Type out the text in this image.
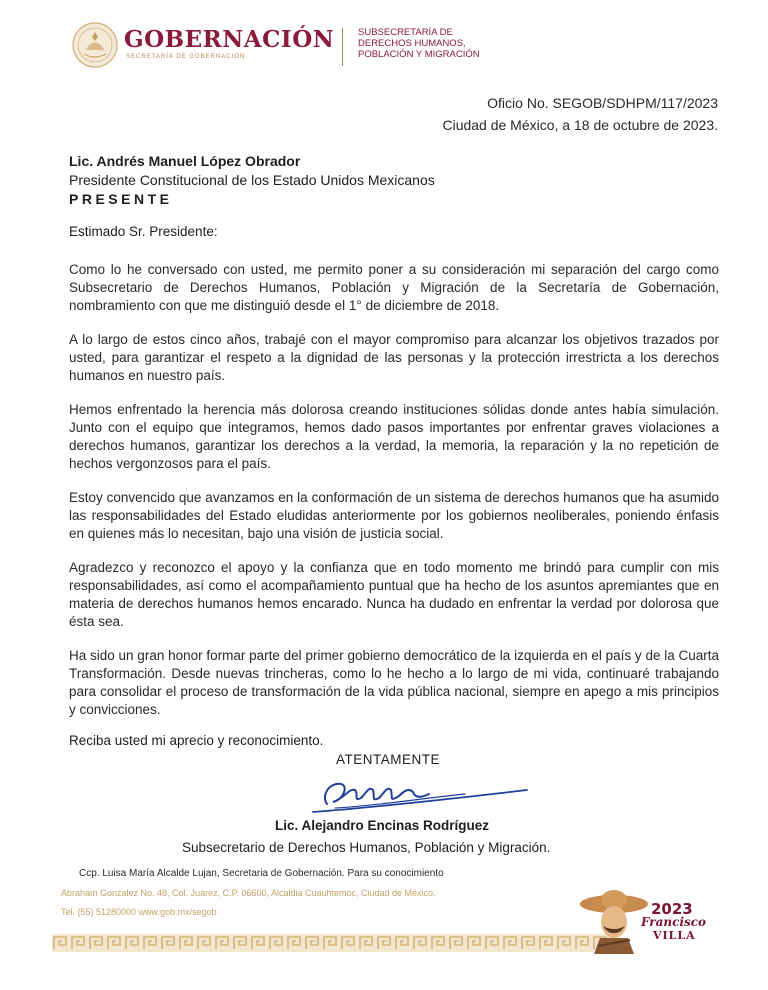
GOBERNACIÓN
SECRETARÍA DE GOBERNACIÓN
SUBSECRETARÍA DE
DERECHOS HUMANOS,
POBLACIÓN Y MIGRACIÓN
Oficio No. SEGOB/SDHPM/117/2023
Ciudad de México, a 18 de octubre de 2023.
Lic. Andrés Manuel López Obrador
Presidente Constitucional de los Estado Unidos Mexicanos
PRESENTE
Estimado Sr. Presidente:

Como lo he conversado con usted, me permito poner a su consideración mi separación del cargo como Subsecretario de Derechos Humanos, Población y Migración de la Secretaría de Gobernación, nombramiento con que me distinguió desde el 1° de diciembre de 2018.

A lo largo de estos cinco años, trabajé con el mayor compromiso para alcanzar los objetivos trazados por usted, para garantizar el respeto a la dignidad de las personas y la protección irrestricta a los derechos humanos en nuestro país.

Hemos enfrentado la herencia más dolorosa creando instituciones sólidas donde antes había simulación. Junto con el equipo que integramos, hemos dado pasos importantes por enfrentar graves violaciones a derechos humanos, garantizar los derechos a la verdad, la memoria, la reparación y la no repetición de hechos vergonzosos para el país.

Estoy convencido que avanzamos en la conformación de un sistema de derechos humanos que ha asumido las responsabilidades del Estado eludidas anteriormente por los gobiernos neoliberales, poniendo énfasis en quienes más lo necesitan, bajo una visión de justicia social.

Agradezco y reconozco el apoyo y la confianza que en todo momento me brindó para cumplir con mis responsabilidades, así como el acompañamiento puntual que ha hecho de los asuntos apremiantes que en materia de derechos humanos hemos encarado. Nunca ha dudado en enfrentar la verdad por dolorosa que ésta sea.

Ha sido un gran honor formar parte del primer gobierno democrático de la izquierda en el país y de la Cuarta Transformación. Desde nuevas trincheras, como lo he hecho a lo largo de mi vida, continuaré trabajando para consolidar el proceso de transformación de la vida pública nacional, siempre en apego a mis principios y convicciones.

Reciba usted mi aprecio y reconocimiento.
ATENTAMENTE
Lic. Alejandro Encinas Rodríguez
Subsecretario de Derechos Humanos, Población y Migración.
Ccp. Luisa María Alcalde Lujan, Secretaria de Gobernación. Para su conocimiento
Abraham Gonzalez No. 48, Col. Juarez, C.P. 06600, Alcaldia Cuauhtemoc, Ciudad de México.
Tel. (55) 51280000 www.gob.mx/segob	2023
Francisco
VILLA
